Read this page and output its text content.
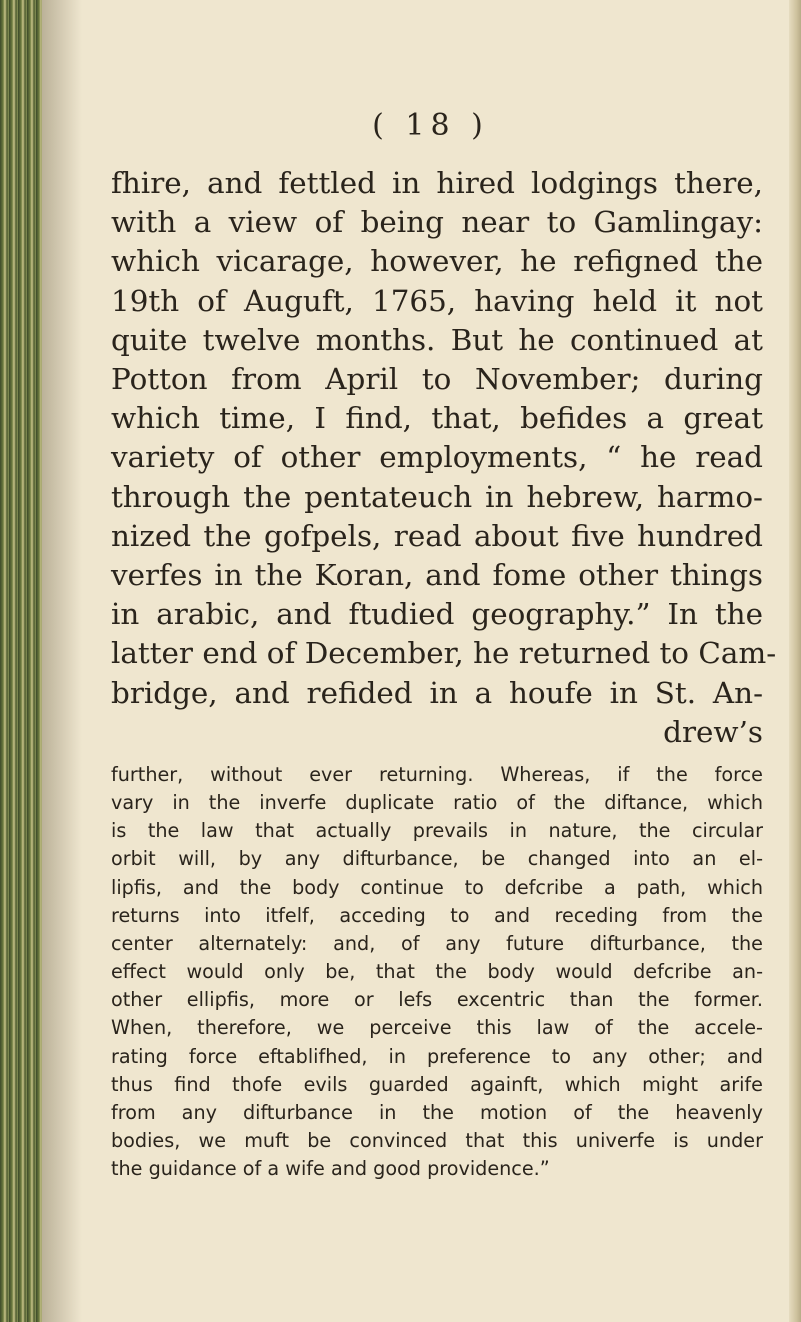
( 18 )
fhire, and fettled in hired lodgings there,
with a view of being near to Gamlingay:
which vicarage, however, he refigned the
19th of Auguft, 1765, having held it not
quite twelve months. But he continued at
Potton from April to November; during
which time, I find, that, befides a great
variety of other employments, “ he read
through the pentateuch in hebrew, harmo-
nized the gofpels, read about five hundred
verfes in the Koran, and fome other things
in arabic, and ftudied geography.” In the
latter end of December, he returned to Cam-
bridge, and refided in a houfe in St. An-
drew’s
further, without ever returning. Whereas, if the force
vary in the inverfe duplicate ratio of the diftance, which
is the law that actually prevails in nature, the circular
orbit will, by any difturbance, be changed into an el-
lipfis, and the body continue to defcribe a path, which
returns into itfelf, acceding to and receding from the
center alternately: and, of any future difturbance, the
effect would only be, that the body would defcribe an-
other ellipfis, more or lefs excentric than the former.
When, therefore, we perceive this law of the accele-
rating force eftablifhed, in preference to any other; and
thus find thofe evils guarded againft, which might arife
from any difturbance in the motion of the heavenly
bodies, we muft be convinced that this univerfe is under
the guidance of a wife and good providence.”
